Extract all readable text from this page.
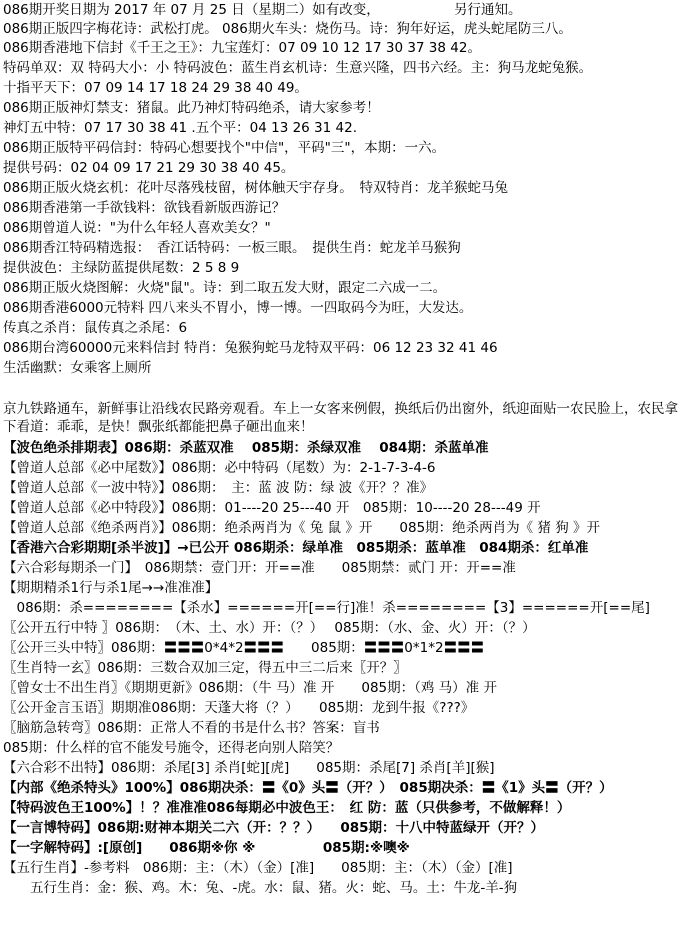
086期开奖日期为 2017 年 07 月 25 日（星期二）如有改变，　　　　　　另行通知。
086期正版四字梅花诗：武松打虎。 086期火车头：烧伤马。诗：狗年好运，虎头蛇尾防三八。
086期香港地下信封《千王之王》：九宝莲灯：07 09 10 12 17 30 37 38 42。
特码单双：双 特码大小：小 特码波色：蓝生肖玄机诗：生意兴隆，四书六经。主：狗马龙蛇兔猴。
十指平天下：07 09 14 17 18 24 29 38 40 49。
086期正版神灯禁支：猪鼠。此乃神灯特码绝杀，请大家参考！
神灯五中特：07 17 30 38 41 .五个平：04 13 26 31 42.
086期正版特平码信封：特码心想要找个"中信"，平码"三"，本期：一六。
提供号码：02 04 09 17 21 29 30 38 40 45。
086期正版火烧玄机：花叶尽落残枝留，树体触天宇存身。　特双特肖：龙羊猴蛇马兔
086期香港第一手欲钱料：欲钱看新版西游记？
086期曾道人说："为什么年轻人喜欢美女？"
086期香江特码精选报：　香江话特码：一板三眼。　提供生肖：蛇龙羊马猴狗
提供波色：主绿防蓝提供尾数：2 5 8 9
086期正版火烧图解：火烧"鼠"。诗：到二取五发大财，跟定二六成一二。
086期香港6000元特料 四八来头不胃小，博一博。一四取码今为旺，大发达。
传真之杀肖：鼠传真之杀尾：6
086期台湾60000元来料信封 特肖：兔猴狗蛇马龙特双平码：06 12 23 32 41 46
生活幽默：女乘客上厕所
京九铁路通车，新鲜事让沿线农民路旁观看。车上一女客来例假，换纸后仍出窗外，纸迎面贴一农民脸上，农民拿下看道：乖乖，是快！飘张纸都能把鼻子砸出血来！
【波色绝杀排期表】086期：杀蓝双准　 085期：杀绿双准　 084期：杀蓝单准
【曾道人总部《必中尾数》】086期：必中特码（尾数）为：2-1-7-3-4-6
【曾道人总部《一波中特》】086期：　主：蓝 波 防：绿 波《开？？准》
【曾道人总部《必中特段》】086期：01----20 25---40 开　085期：10----20 28---49 开
【曾道人总部《绝杀两肖》】086期：绝杀两肖为《 兔 鼠 》开　　085期：绝杀两肖为《 猪 狗 》开
【香港六合彩期期[杀半波]】→已公开 086期杀：绿单准　085期杀：蓝单准　084期杀：红单准
【六合彩每期杀一门】　086期禁：壹门开：开==准　　085期禁：贰门 开：开==准
【期期精杀1行与杀1尾→→准准准】
　086期：杀========【杀水】======开[==行]准！杀========【3】======开[==尾]
〖公开五行中特 〗086期：　（木、土、水）开：（？）　 085期：（水、金、火）开：（？）
〖公开三头中特〗086期：〓〓〓0*4*2〓〓〓　　085期：〓〓〓0*1*2〓〓〓
〖生肖特一玄〗086期：三数合双加三定，得五中三二后来〖开？〗
〖曾女士不出生肖〗《期期更新》086期：（牛 马）准 开　　085期：（鸡 马）准 开
〖公开金言玉语〗期期准086期：天蓬大将（？）　　085期：龙到牛报《???》
〖脑筋急转弯〗086期：正常人不看的书是什么书？答案：盲书
085期：什么样的官不能发号施令，还得老向别人陪笑？
【六合彩不出特】086期：杀尾[3] 杀肖[蛇][虎]　　085期：杀尾[7] 杀肖[羊][猴]
【内部《绝杀特头》100%】086期决杀：〓《0》头〓（开？）　085期决杀：〓《1》头〓（开？）
【特码波色王100%】！？准准准086每期必中波色王：　红 防：蓝（只供参考，不做解释！）
【一言博特码】086期:财神本期关二六（开：？？）　　085期：十八中特蓝绿开（开？）
【一字解特码】:[原创]　　086期※你 ※　　　　　085期:※噢※
【五行生肖】-参考料　086期：主：（木）（金）[准]　　085期：主：（木）（金）[准]
　　五行生肖：金：猴、鸡。木：兔、-虎。水：鼠、猪。火：蛇、马。土：牛龙-羊-狗
